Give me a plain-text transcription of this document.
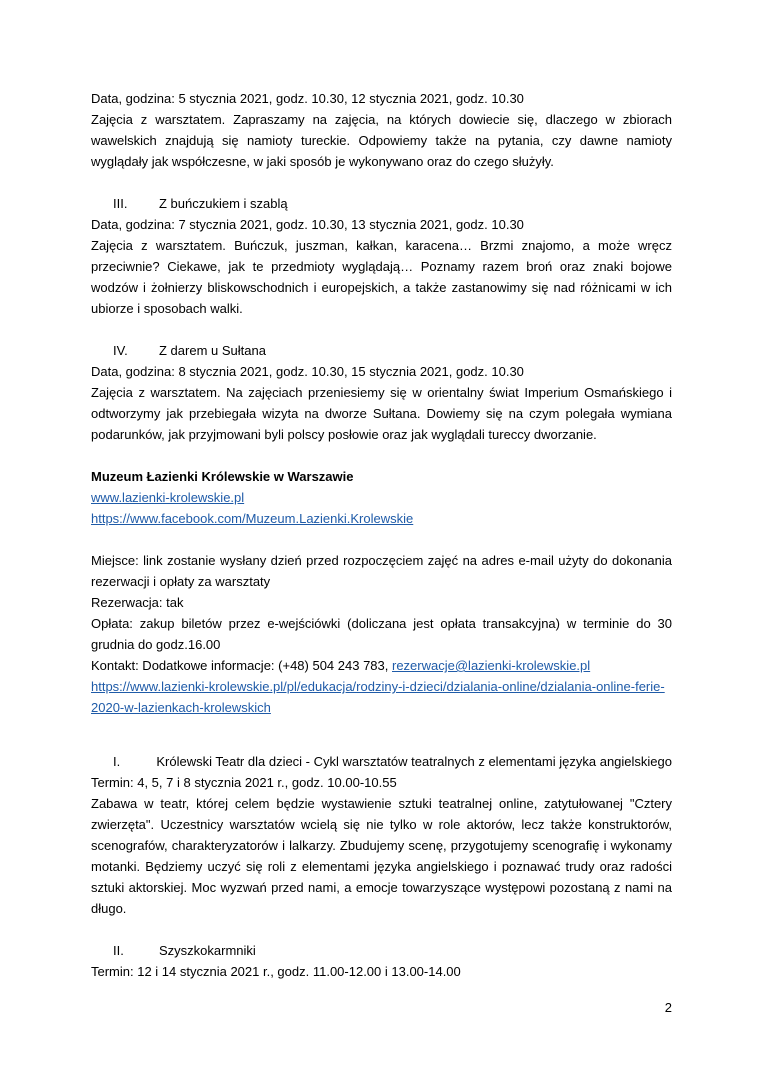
Data, godzina: 5 stycznia 2021, godz. 10.30, 12 stycznia 2021, godz. 10.30

Zajęcia z warsztatem. Zapraszamy na zajęcia, na których dowiecie się, dlaczego w zbiorach wawelskich znajdują się namioty tureckie. Odpowiemy także na pytania, czy dawne namioty wyglądały jak współczesne, w jaki sposób je wykonywano oraz do czego służyły.

III.	Z buńczukiem i szablą

Data, godzina: 7 stycznia 2021, godz. 10.30, 13 stycznia 2021, godz. 10.30

Zajęcia z warsztatem. Buńczuk, juszman, kałkan, karacena… Brzmi znajomo, a może wręcz przeciwnie? Ciekawe, jak te przedmioty wyglądają… Poznamy razem broń oraz znaki bojowe wodzów i żołnierzy bliskowschodnich i europejskich, a także zastanowimy się nad różnicami w ich ubiorze i sposobach walki.

IV.	Z darem u Sułtana

Data, godzina: 8 stycznia 2021, godz. 10.30, 15 stycznia 2021, godz. 10.30

Zajęcia z warsztatem. Na zajęciach przeniesiemy się w orientalny świat Imperium Osmańskiego i odtworzymy jak przebiegała wizyta na dworze Sułtana. Dowiemy się na czym polegała wymiana podarunków, jak przyjmowani byli polscy posłowie oraz jak wyglądali tureccy dworzanie.

Muzeum Łazienki Królewskie w Warszawie

www.lazienki-krolewskie.pl

https://www.facebook.com/Muzeum.Lazienki.Krolewskie

Miejsce: link zostanie wysłany dzień przed rozpoczęciem zajęć na adres e-mail użyty do dokonania rezerwacji i opłaty za warsztaty

Rezerwacja: tak

Opłata: zakup biletów przez e-wejściówki (doliczana jest opłata transakcyjna) w terminie do 30 grudnia do godz.16.00

Kontakt: Dodatkowe informacje: (+48) 504 243 783, rezerwacje@lazienki-krolewskie.pl

https://www.lazienki-krolewskie.pl/pl/edukacja/rodziny-i-dzieci/dzialania-online/dzialania-online-ferie-2020-w-lazienkach-krolewskich

I.	Królewski Teatr dla dzieci - Cykl warsztatów teatralnych z elementami języka angielskiego

Termin: 4, 5, 7 i 8 stycznia 2021 r., godz. 10.00-10.55

Zabawa w teatr, której celem będzie wystawienie sztuki teatralnej online, zatytułowanej "Cztery zwierzęta". Uczestnicy warsztatów wcielą się nie tylko w role aktorów, lecz także konstruktorów, scenografów, charakteryzatorów i lalkarzy. Zbudujemy scenę, przygotujemy scenografię i wykonamy motanki. Będziemy uczyć się roli z elementami języka angielskiego i poznawać trudy oraz radości sztuki aktorskiej. Moc wyzwań przed nami, a emocje towarzyszące występowi pozostaną z nami na długo.

II.	Szyszkokarmniki

Termin: 12 i 14 stycznia 2021 r., godz. 11.00-12.00 i 13.00-14.00

2
